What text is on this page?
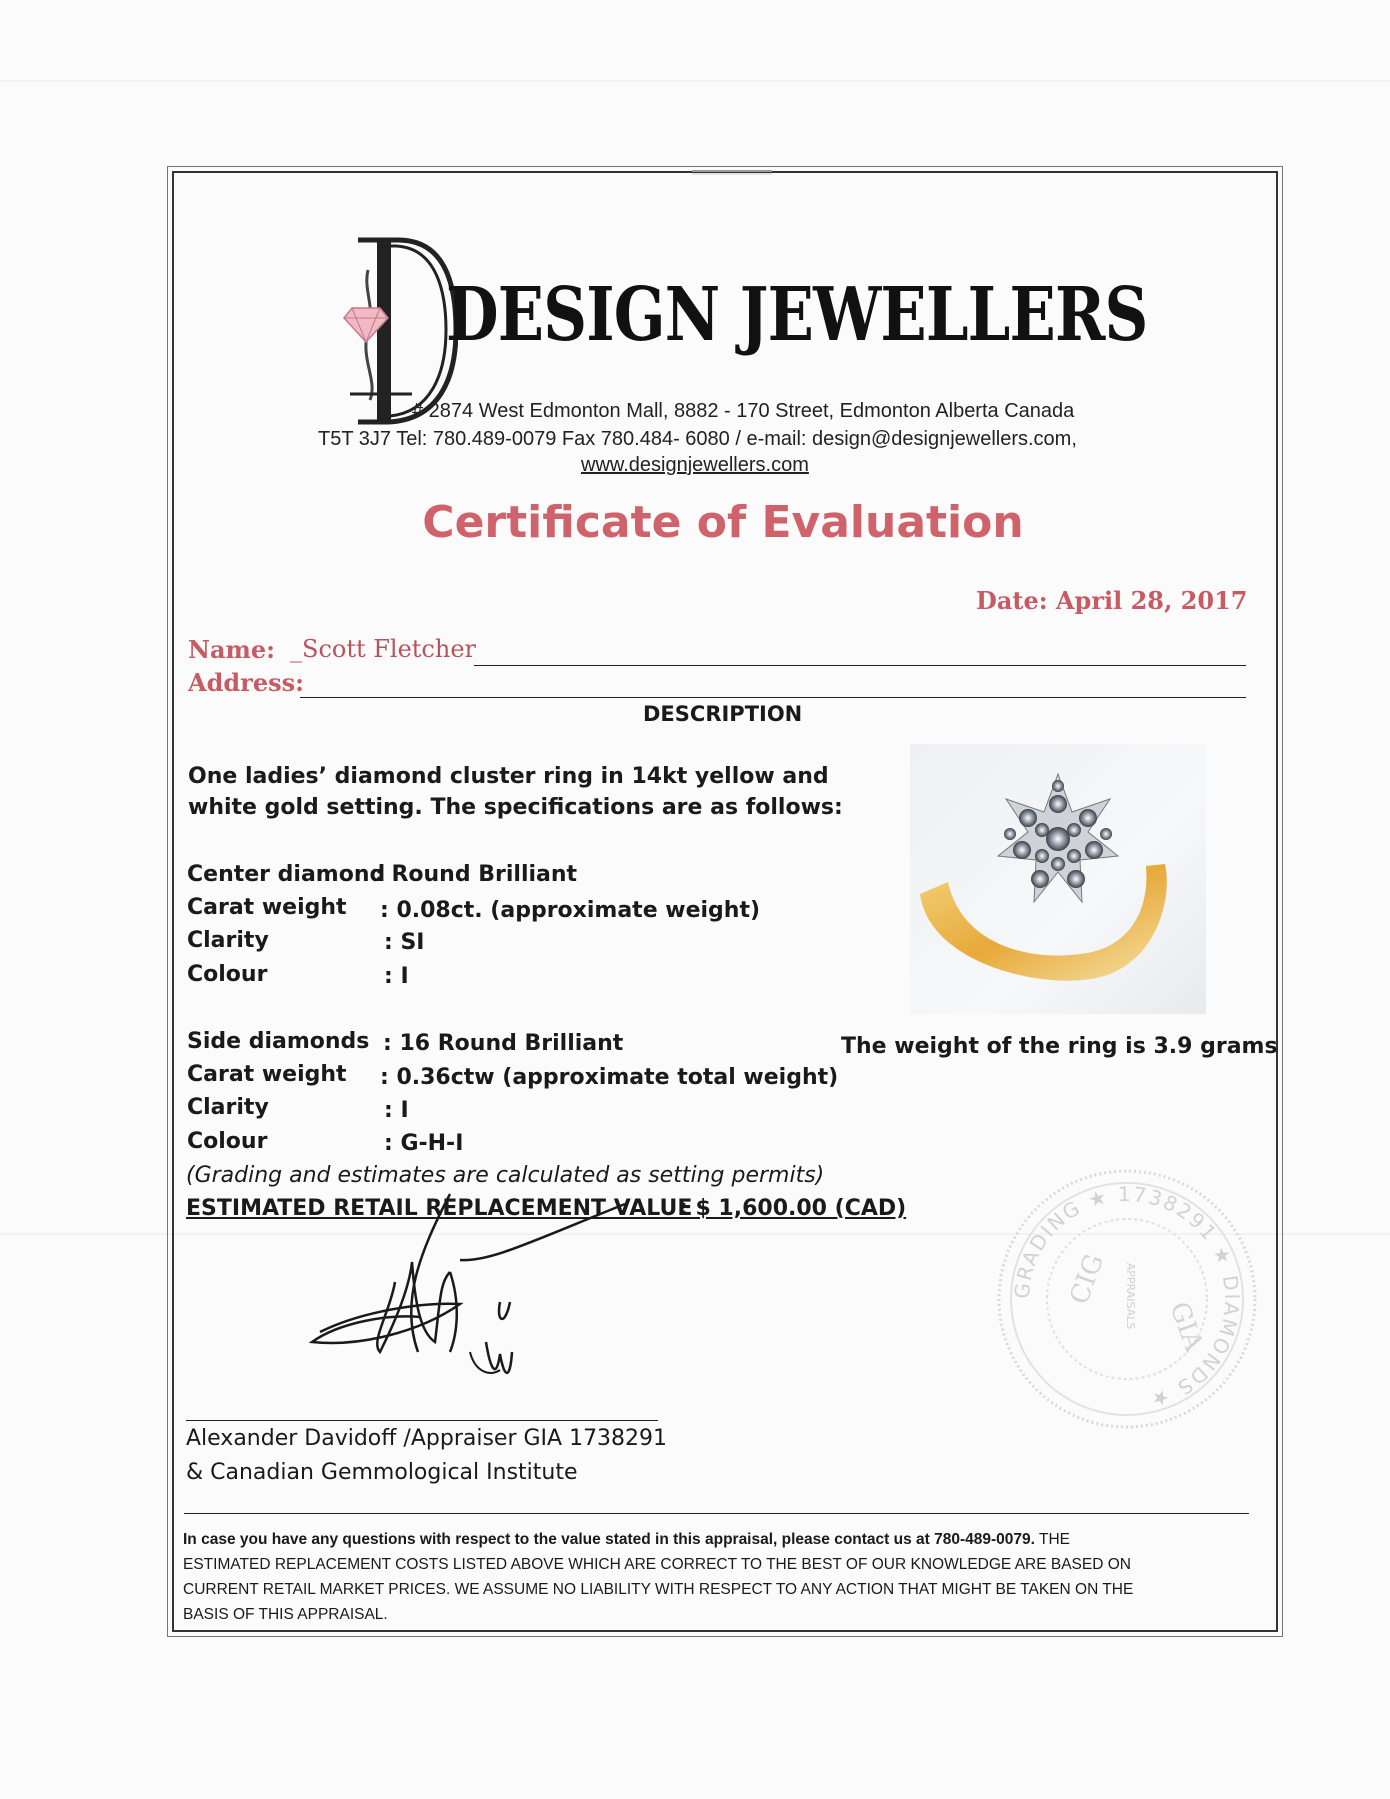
DESIGN JEWELLERS
# 2874 West Edmonton Mall, 8882 - 170 Street, Edmonton Alberta Canada
T5T 3J7 Tel: 780.489-0079 Fax 780.484- 6080 / e-mail: design@designjewellers.com,
www.designjewellers.com
Certificate of Evaluation
Date: April 28, 2017
Name: _Scott Fletcher
Address:
DESCRIPTION
One ladies’ diamond cluster ring in 14kt yellow and
white gold setting. The specifications are as follows:
Center diamond
: Round Brilliant
Carat weight : 0.08ct. (approximate weight)
Clarity	: SI
Colour	: I
Side diamonds : 16 Round Brilliant
Carat weight : 0.36ctw (approximate total weight)
Clarity	: I
Colour	: G-H-I
The weight of the ring is 3.9 grams
(Grading and estimates are calculated as setting permits)
ESTIMATED RETAIL REPLACEMENT VALUE
: $ 1,600.00 (CAD)
Alexander Davidoff /Appraiser GIA 1738291
& Canadian Gemmological Institute
GRADING ★ 1738291 ★ DIAMONDS ★
CIG
GIA
APPRAISALS
In case you have any questions with respect to the value stated in this appraisal, please contact us at 780-489-0079. THE
ESTIMATED REPLACEMENT COSTS LISTED ABOVE WHICH ARE CORRECT TO THE BEST OF OUR KNOWLEDGE ARE BASED ON
CURRENT RETAIL MARKET PRICES. WE ASSUME NO LIABILITY WITH RESPECT TO ANY ACTION THAT MIGHT BE TAKEN ON THE
BASIS OF THIS APPRAISAL.
